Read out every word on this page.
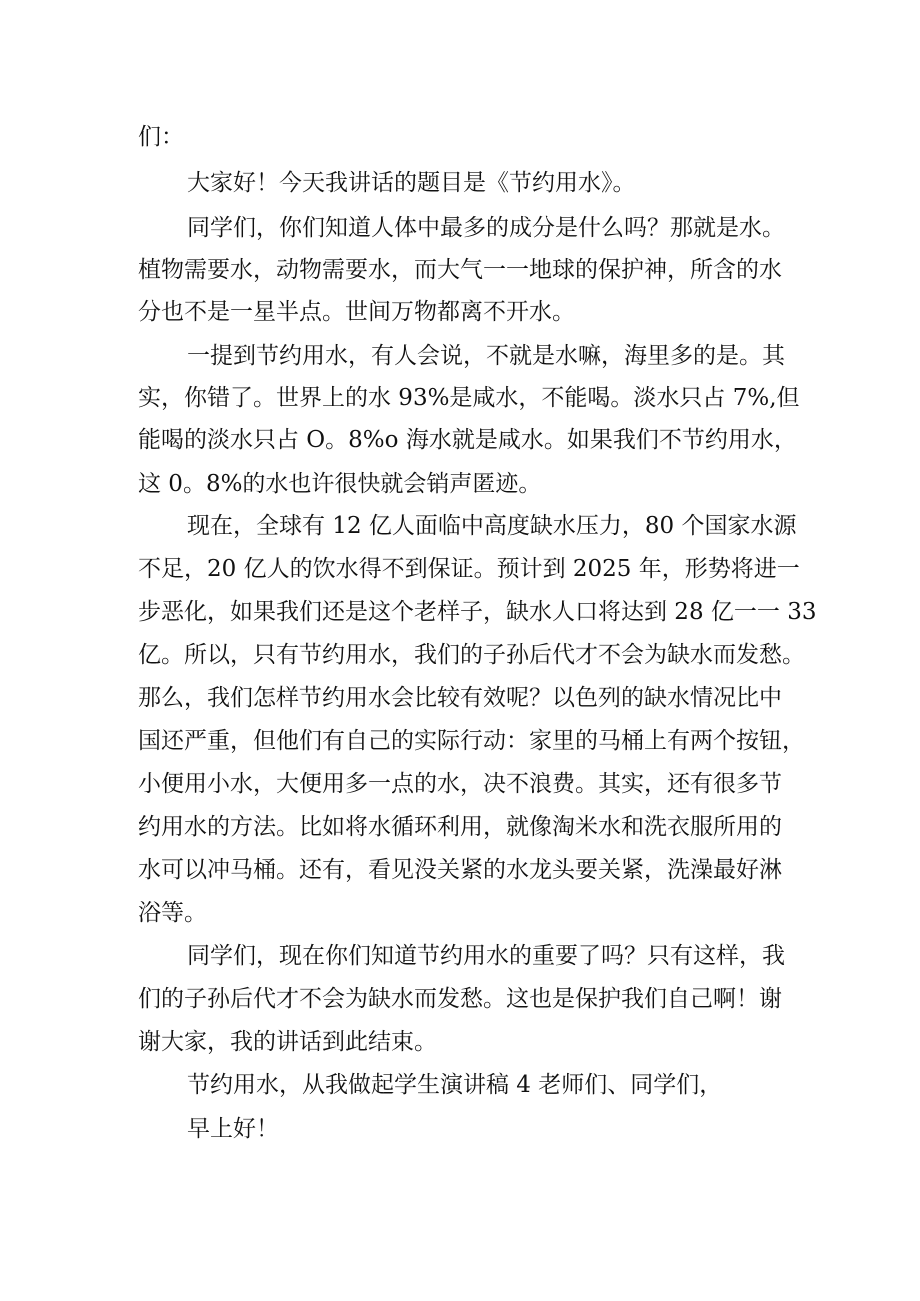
们：
大家好！今天我讲话的题目是《节约用水》。
同学们，你们知道人体中最多的成分是什么吗？那就是水。
植物需要水，动物需要水，而大气一一地球的保护神，所含的水
分也不是一星半点。世间万物都离不开水。
一提到节约用水，有人会说，不就是水嘛，海里多的是。其
实，你错了。世界上的水 93%是咸水，不能喝。淡水只占 7%,但
能喝的淡水只占 O。8%o 海水就是咸水。如果我们不节约用水，
这 0。8%的水也许很快就会销声匿迹。
现在，全球有 12 亿人面临中高度缺水压力，80 个国家水源
不足，20 亿人的饮水得不到保证。预计到 2025 年，形势将进一
步恶化，如果我们还是这个老样子，缺水人口将达到 28 亿一一 33
亿。所以，只有节约用水，我们的子孙后代才不会为缺水而发愁。
那么，我们怎样节约用水会比较有效呢？以色列的缺水情况比中
国还严重，但他们有自己的实际行动：家里的马桶上有两个按钮，
小便用小水，大便用多一点的水，决不浪费。其实，还有很多节
约用水的方法。比如将水循环利用，就像淘米水和洗衣服所用的
水可以冲马桶。还有，看见没关紧的水龙头要关紧，洗澡最好淋
浴等。
同学们，现在你们知道节约用水的重要了吗？只有这样，我
们的子孙后代才不会为缺水而发愁。这也是保护我们自己啊！谢
谢大家，我的讲话到此结束。
节约用水，从我做起学生演讲稿 4 老师们、同学们，
早上好！
